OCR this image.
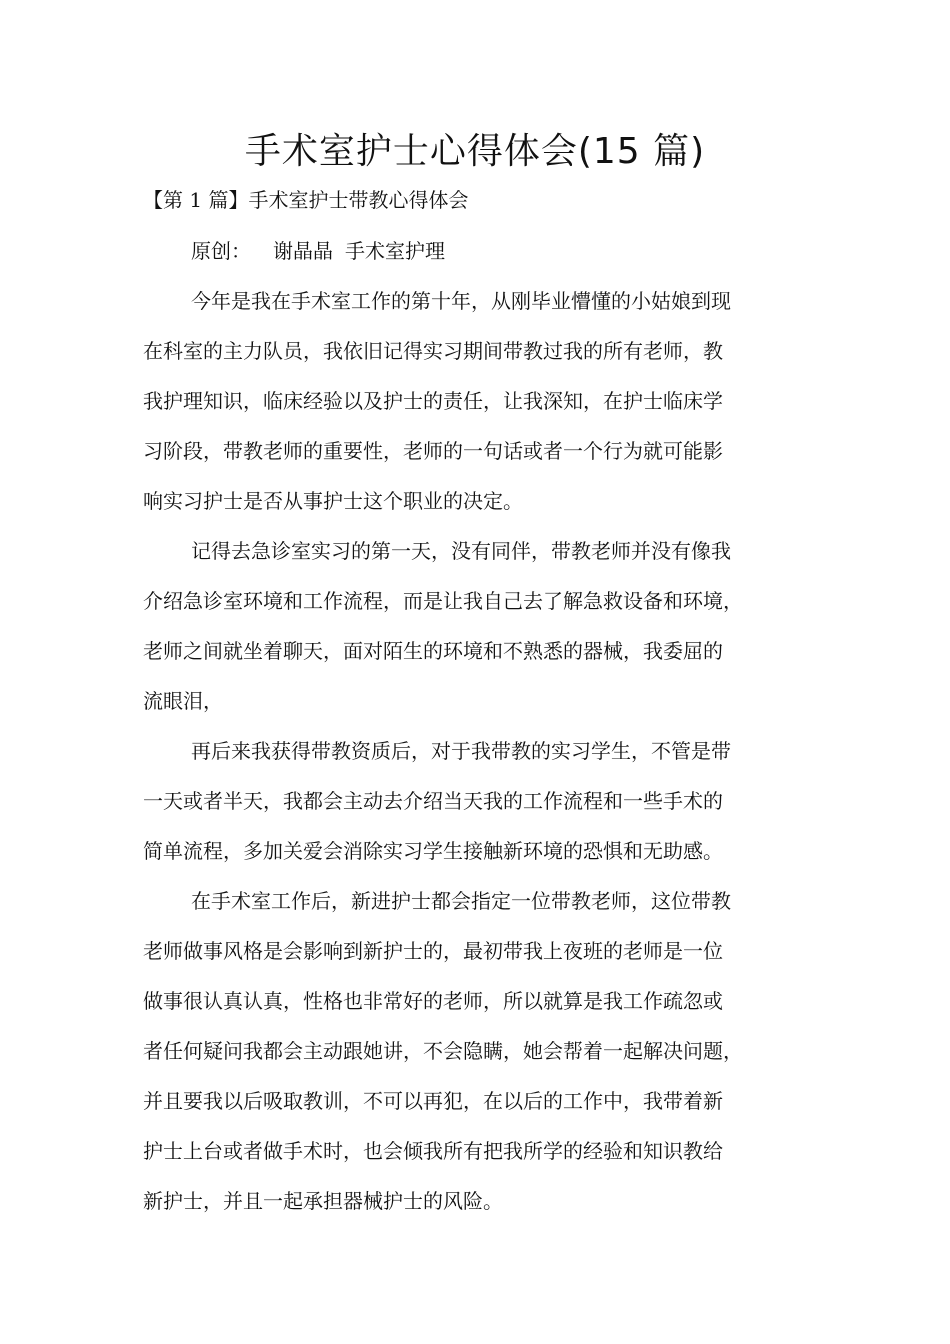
手术室护士心得体会(15 篇)
【第 1 篇】手术室护士带教心得体会
原创： 谢晶晶 手术室护理
今年是我在手术室工作的第十年，从刚毕业懵懂的小姑娘到现
在科室的主力队员，我依旧记得实习期间带教过我的所有老师，教
我护理知识，临床经验以及护士的责任，让我深知，在护士临床学
习阶段，带教老师的重要性，老师的一句话或者一个行为就可能影
响实习护士是否从事护士这个职业的决定。
记得去急诊室实习的第一天，没有同伴，带教老师并没有像我
介绍急诊室环境和工作流程，而是让我自己去了解急救设备和环境，
老师之间就坐着聊天，面对陌生的环境和不熟悉的器械，我委屈的
流眼泪，
再后来我获得带教资质后，对于我带教的实习学生，不管是带
一天或者半天，我都会主动去介绍当天我的工作流程和一些手术的
简单流程，多加关爱会消除实习学生接触新环境的恐惧和无助感。
在手术室工作后，新进护士都会指定一位带教老师，这位带教
老师做事风格是会影响到新护士的，最初带我上夜班的老师是一位
做事很认真认真，性格也非常好的老师，所以就算是我工作疏忽或
者任何疑问我都会主动跟她讲，不会隐瞒，她会帮着一起解决问题，
并且要我以后吸取教训，不可以再犯，在以后的工作中，我带着新
护士上台或者做手术时，也会倾我所有把我所学的经验和知识教给
新护士，并且一起承担器械护士的风险。
